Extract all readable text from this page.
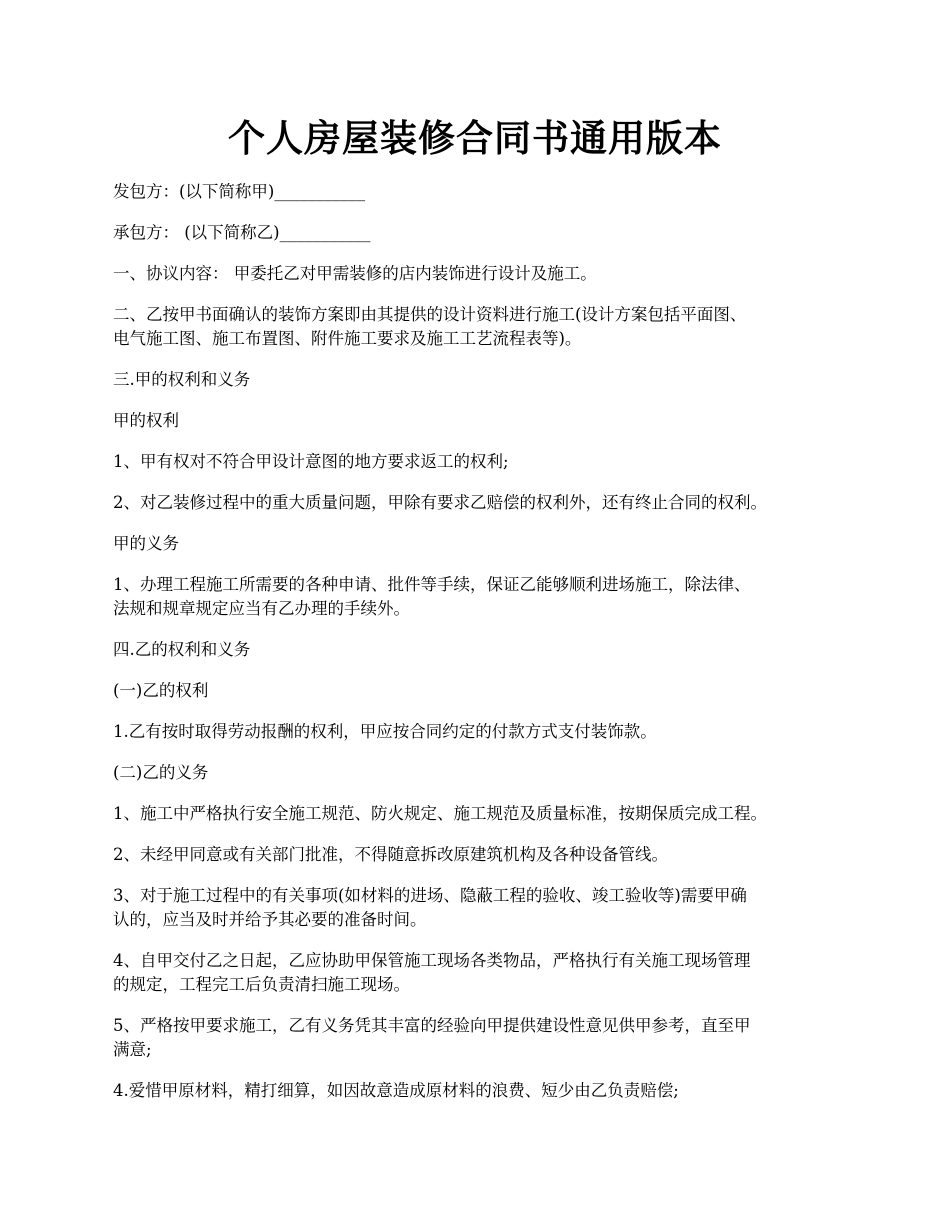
个人房屋装修合同书通用版本

发包方：(以下简称甲)___________

承包方： (以下简称乙)___________

一、协议内容： 甲委托乙对甲需装修的店内装饰进行设计及施工。

二、乙按甲书面确认的装饰方案即由其提供的设计资料进行施工(设计方案包括平面图、
电气施工图、施工布置图、附件施工要求及施工工艺流程表等)。

三.甲的权利和义务

甲的权利

1、甲有权对不符合甲设计意图的地方要求返工的权利;

2、对乙装修过程中的重大质量问题，甲除有要求乙赔偿的权利外，还有终止合同的权利。

甲的义务

1、办理工程施工所需要的各种申请、批件等手续，保证乙能够顺利进场施工，除法律、
法规和规章规定应当有乙办理的手续外。

四.乙的权利和义务

(一)乙的权利

1.乙有按时取得劳动报酬的权利，甲应按合同约定的付款方式支付装饰款。

(二)乙的义务

1、施工中严格执行安全施工规范、防火规定、施工规范及质量标准，按期保质完成工程。

2、未经甲同意或有关部门批准，不得随意拆改原建筑机构及各种设备管线。

3、对于施工过程中的有关事项(如材料的进场、隐蔽工程的验收、竣工验收等)需要甲确
认的，应当及时并给予其必要的准备时间。

4、自甲交付乙之日起，乙应协助甲保管施工现场各类物品，严格执行有关施工现场管理
的规定，工程完工后负责清扫施工现场。

5、严格按甲要求施工，乙有义务凭其丰富的经验向甲提供建设性意见供甲参考，直至甲
满意;

4.爱惜甲原材料，精打细算，如因故意造成原材料的浪费、短少由乙负责赔偿;
